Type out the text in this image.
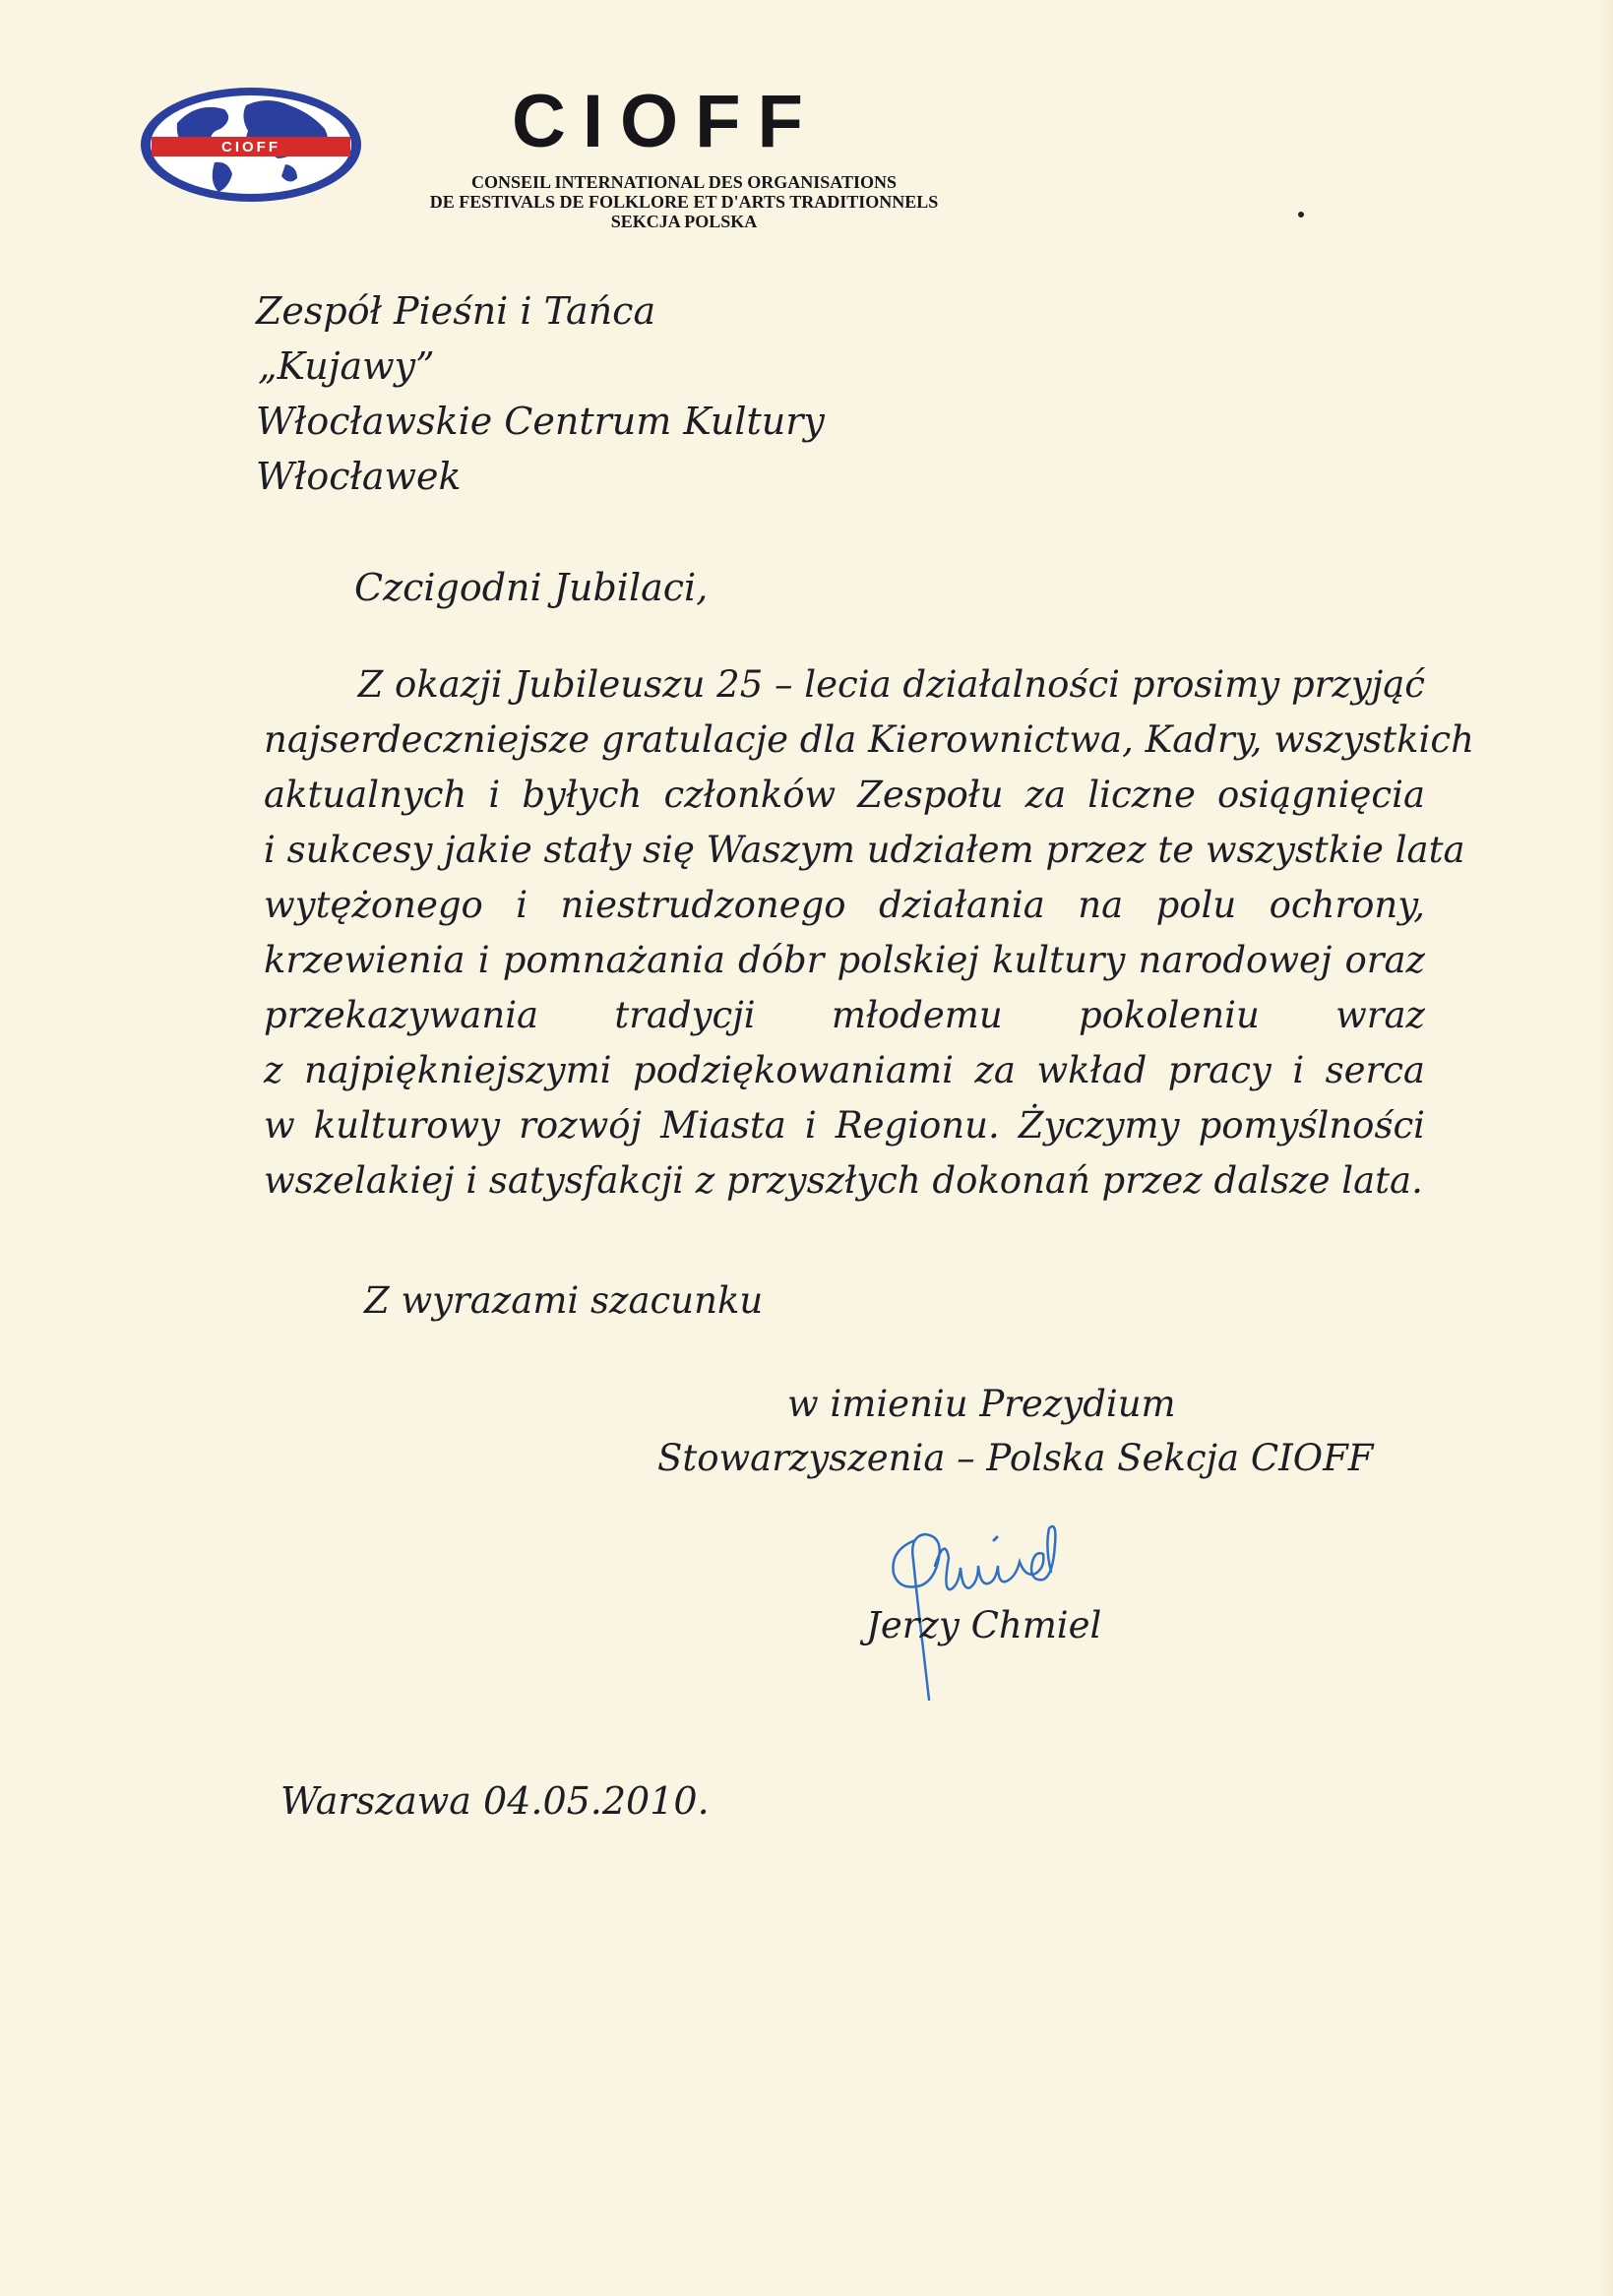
CIOFF	CIOFF
CONSEIL INTERNATIONAL DES ORGANISATIONS
DE FESTIVALS DE FOLKLORE ET D'ARTS TRADITIONNELS
SEKCJA POLSKA
Zespół Pieśni i Tańca
„Kujawy”
Włocławskie Centrum Kultury
Włocławek
Czcigodni Jubilaci,
Z okazji Jubileuszu 25 – lecia działalności prosimy przyjąć
najserdeczniejsze gratulacje dla Kierownictwa, Kadry, wszystkich
aktualnych i byłych członków Zespołu za liczne osiągnięcia
i sukcesy jakie stały się Waszym udziałem przez te wszystkie lata
wytężonego i niestrudzonego działania na polu ochrony,
krzewienia i pomnażania dóbr polskiej kultury narodowej oraz
przekazywania tradycji młodemu pokoleniu wraz
z najpiękniejszymi podziękowaniami za wkład pracy i serca
w kulturowy rozwój Miasta i Regionu. Życzymy pomyślności
wszelakiej i satysfakcji z przyszłych dokonań przez dalsze lata.
Z wyrazami szacunku
w imieniu Prezydium
Stowarzyszenia – Polska Sekcja CIOFF
Jerzy Chmiel
Warszawa 04.05.2010.
